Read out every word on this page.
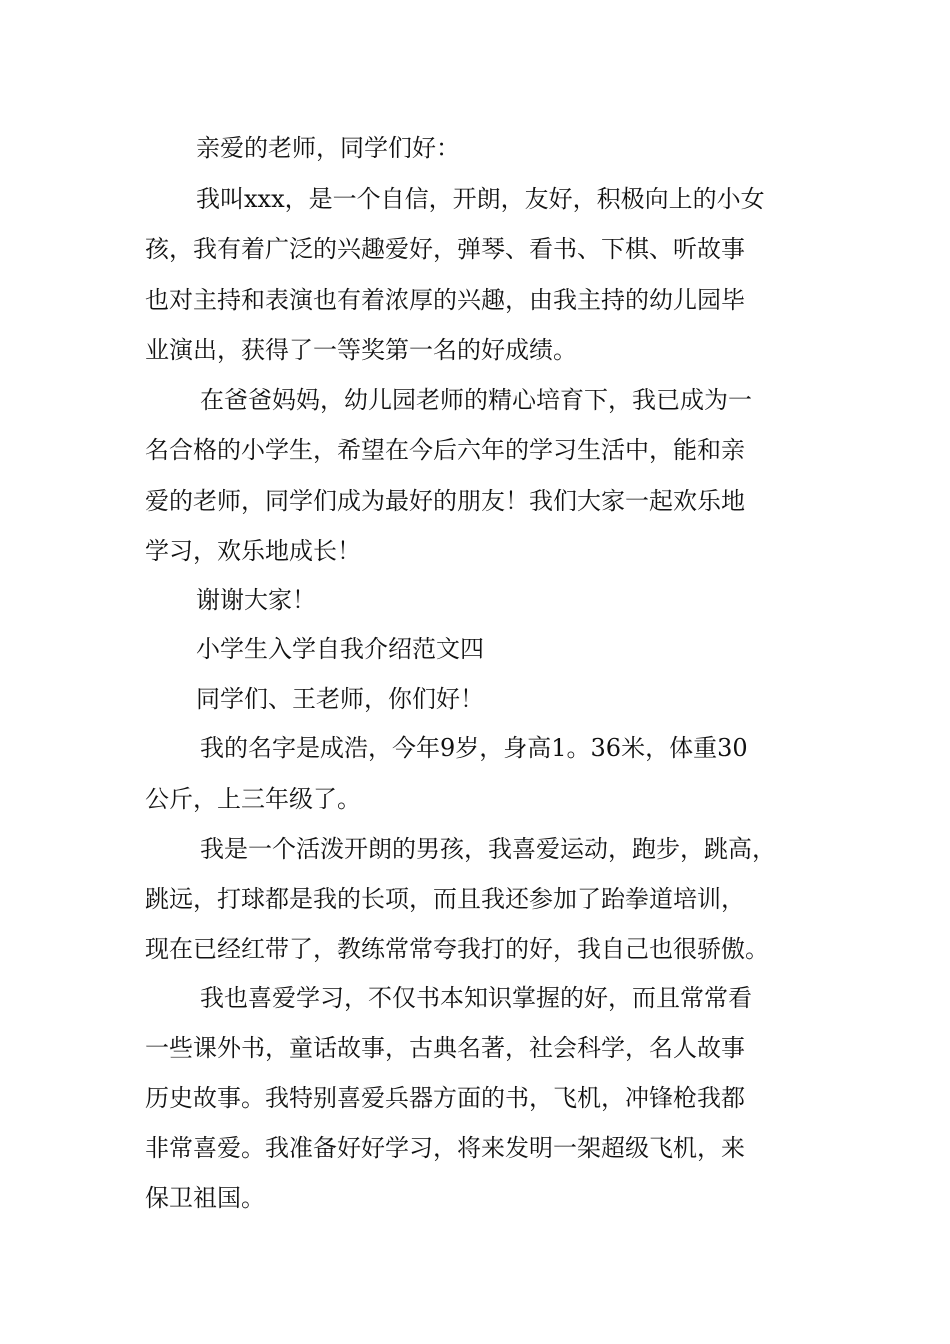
亲爱的老师，同学们好：

我叫xxx，是一个自信，开朗，友好，积极向上的小女

孩，我有着广泛的兴趣爱好，弹琴、看书、下棋、听故事

也对主持和表演也有着浓厚的兴趣，由我主持的幼儿园毕

业演出，获得了一等奖第一名的好成绩。

在爸爸妈妈，幼儿园老师的精心培育下，我已成为一

名合格的小学生，希望在今后六年的学习生活中，能和亲

爱的老师，同学们成为最好的朋友！我们大家一起欢乐地

学习，欢乐地成长！

谢谢大家！

小学生入学自我介绍范文四

同学们、王老师，你们好！

我的名字是成浩，今年9岁，身高1。36米，体重30

公斤，上三年级了。

我是一个活泼开朗的男孩，我喜爱运动，跑步，跳高，

跳远，打球都是我的长项，而且我还参加了跆拳道培训，

现在已经红带了，教练常常夸我打的好，我自己也很骄傲。

我也喜爱学习，不仅书本知识掌握的好，而且常常看

一些课外书，童话故事，古典名著，社会科学，名人故事

历史故事。我特别喜爱兵器方面的书，飞机，冲锋枪我都

非常喜爱。我准备好好学习，将来发明一架超级飞机，来

保卫祖国。
